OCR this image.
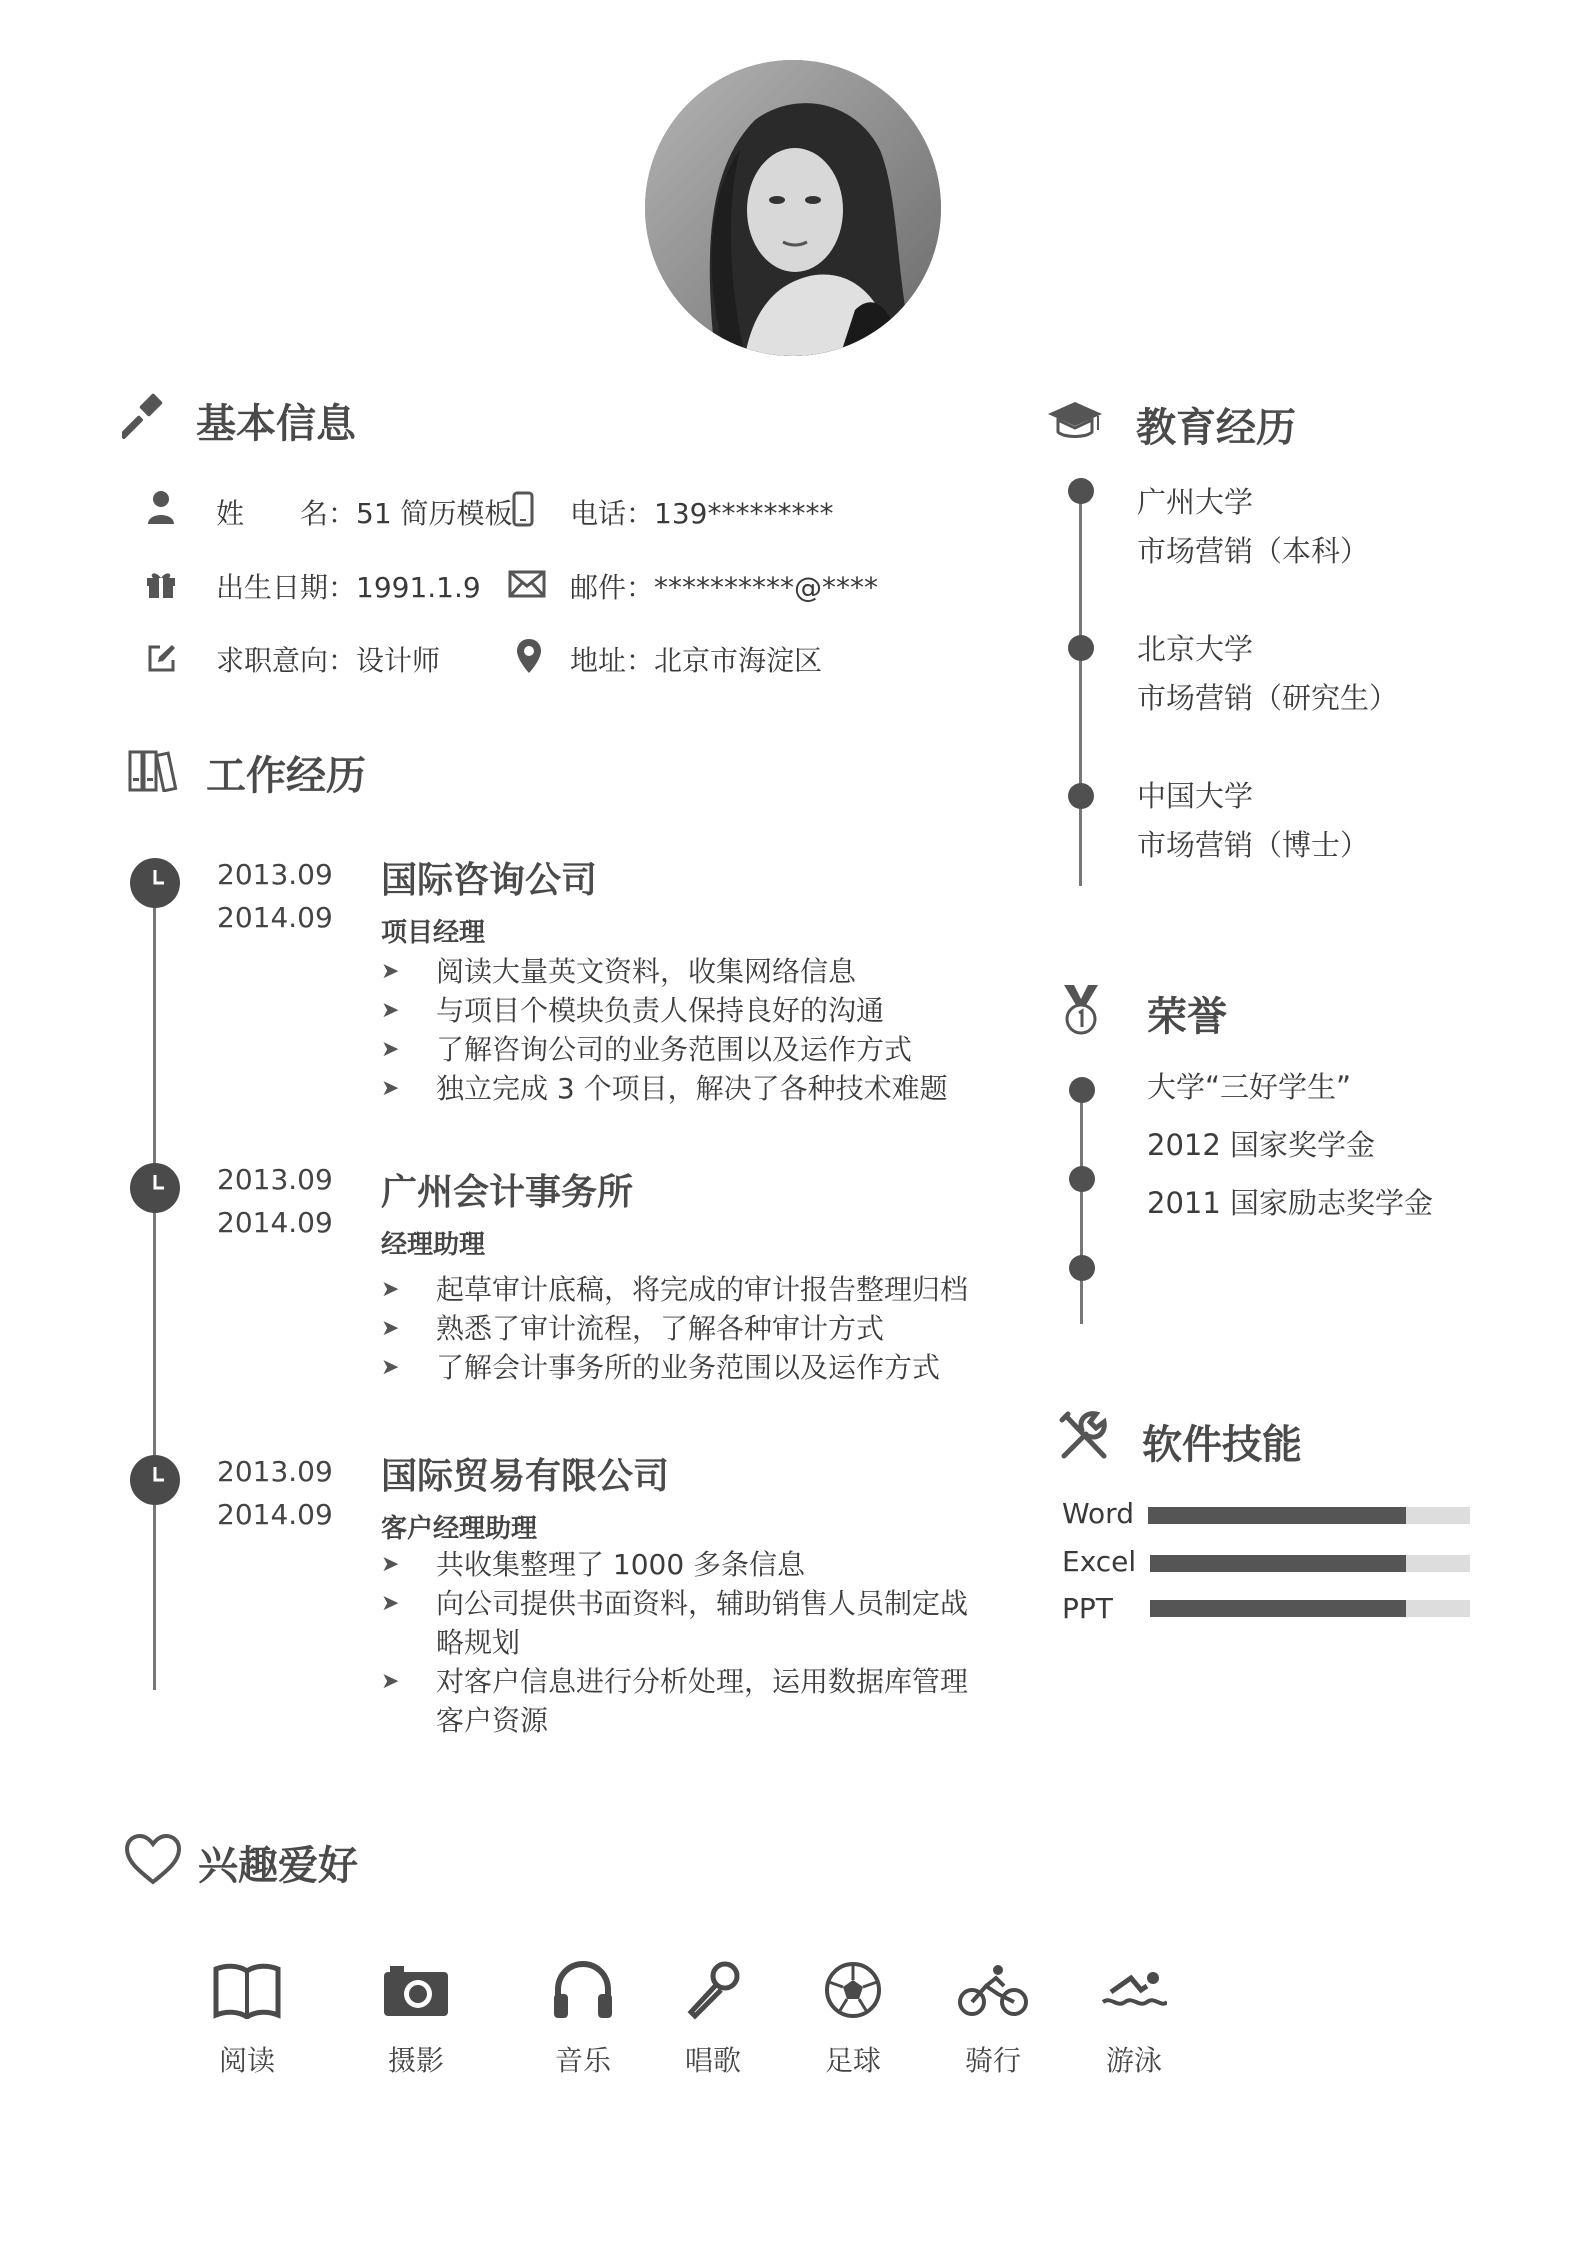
基本信息
姓　　名：51 简历模板 电话：139*********
出生日期：1991.1.9	邮件：**********@****
求职意向：设计师	地址：北京市海淀区
工作经历
2013.09
2014.09
国际咨询公司
项目经理
➤ 阅读大量英文资料，收集网络信息
➤ 与项目个模块负责人保持良好的沟通
➤ 了解咨询公司的业务范围以及运作方式
➤ 独立完成 3 个项目，解决了各种技术难题
2013.09
2014.09
广州会计事务所
经理助理
➤ 起草审计底稿，将完成的审计报告整理归档
➤ 熟悉了审计流程，了解各种审计方式
➤ 了解会计事务所的业务范围以及运作方式
2013.09
2014.09
国际贸易有限公司
客户经理助理
➤ 共收集整理了 1000 多条信息
➤ 向公司提供书面资料，辅助销售人员制定战略规划
➤ 对客户信息进行分析处理，运用数据库管理客户资源
教育经历
广州大学
市场营销（本科）
北京大学
市场营销（研究生）
中国大学
市场营销（博士）
荣誉
大学“三好学生”
2012 国家奖学金
2011 国家励志奖学金
软件技能
Word
Excel
PPT
兴趣爱好
阅读	摄影	音乐	唱歌	足球	骑行	游泳
